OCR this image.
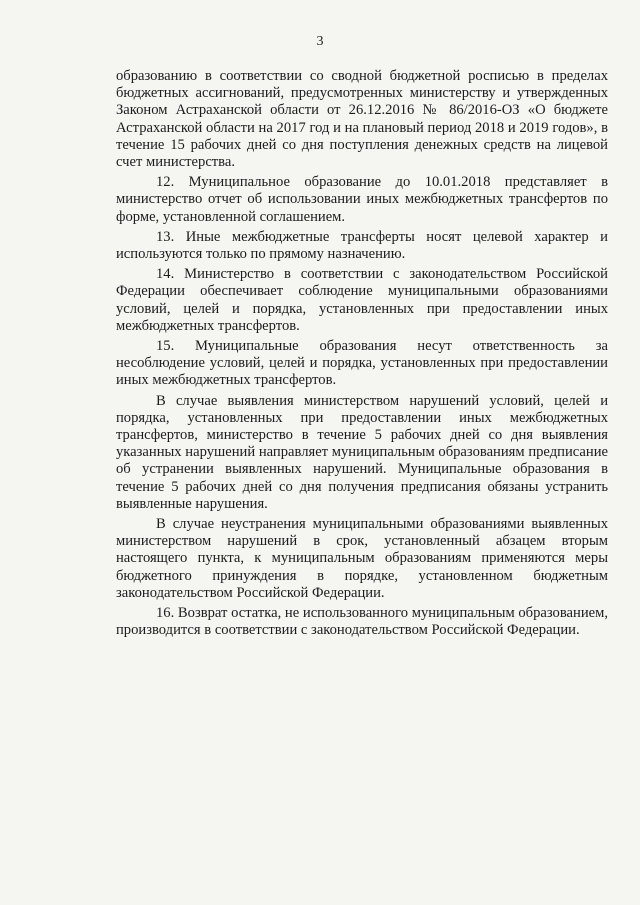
3

образованию в соответствии со сводной бюджетной росписью в пределах бюджетных ассигнований, предусмотренных министерству и утвержденных Законом Астраханской области от 26.12.2016 № 86/2016-ОЗ «О бюджете Астраханской области на 2017 год и на плановый период 2018 и 2019 годов», в течение 15 рабочих дней со дня поступления денежных средств на лицевой счет министерства.

12. Муниципальное образование до 10.01.2018 представляет в министерство отчет об использовании иных межбюджетных трансфертов по форме, установленной соглашением.

13. Иные межбюджетные трансферты носят целевой характер и используются только по прямому назначению.

14. Министерство в соответствии с законодательством Российской Федерации обеспечивает соблюдение муниципальными образованиями условий, целей и порядка, установленных при предоставлении иных межбюджетных трансфертов.

15. Муниципальные образования несут ответственность за несоблюдение условий, целей и порядка, установленных при предоставлении иных межбюджетных трансфертов.

В случае выявления министерством нарушений условий, целей и порядка, установленных при предоставлении иных межбюджетных трансфертов, министерство в течение 5 рабочих дней со дня выявления указанных нарушений направляет муниципальным образованиям предписание об устранении выявленных нарушений. Муниципальные образования в течение 5 рабочих дней со дня получения предписания обязаны устранить выявленные нарушения.

В случае неустранения муниципальными образованиями выявленных министерством нарушений в срок, установленный абзацем вторым настоящего пункта, к муниципальным образованиям применяются меры бюджетного принуждения в порядке, установленном бюджетным законодательством Российской Федерации.

16. Возврат остатка, не использованного муниципальным образованием, производится в соответствии с законодательством Российской Федерации.
